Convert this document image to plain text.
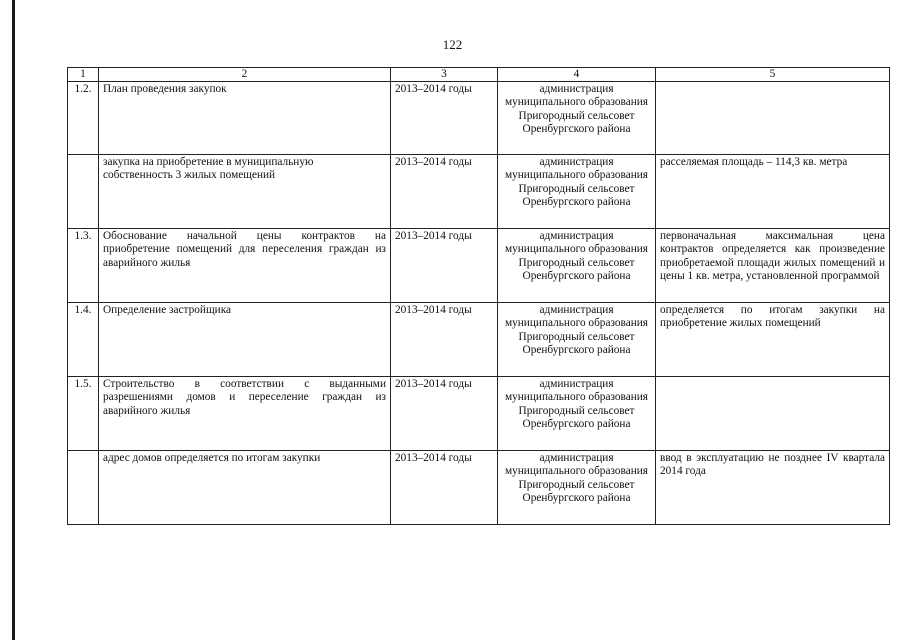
122
1	2	3	4	5
1.2.	План проведения закупок	2013–2014 годы	администрация муниципального образования Пригородный сельсовет Оренбургского района	
	закупка на приобретение в муниципальную собственность 3 жилых помещений	2013–2014 годы	администрация муниципального образования Пригородный сельсовет Оренбургского района	расселяемая площадь – 114,3 кв. метра
1.3.	Обоснование начальной цены контрактов на приобретение помещений для переселения граждан из аварийного жилья	2013–2014 годы	администрация муниципального образования Пригородный сельсовет Оренбургского района	первоначальная максимальная цена контрактов определяется как произведение приобретаемой площади жилых помещений и цены 1 кв. метра, установленной программой
1.4.	Определение застройщика	2013–2014 годы	администрация муниципального образования Пригородный сельсовет Оренбургского района	определяется по итогам закупки на приобретение жилых помещений
1.5.	Строительство в соответствии с выданными разрешениями домов и переселение граждан из аварийного жилья	2013–2014 годы	администрация муниципального образования Пригородный сельсовет Оренбургского района	
	адрес домов определяется по итогам закупки	2013–2014 годы	администрация муниципального образования Пригородный сельсовет Оренбургского района	ввод в эксплуатацию не позднее IV квартала 2014 года
